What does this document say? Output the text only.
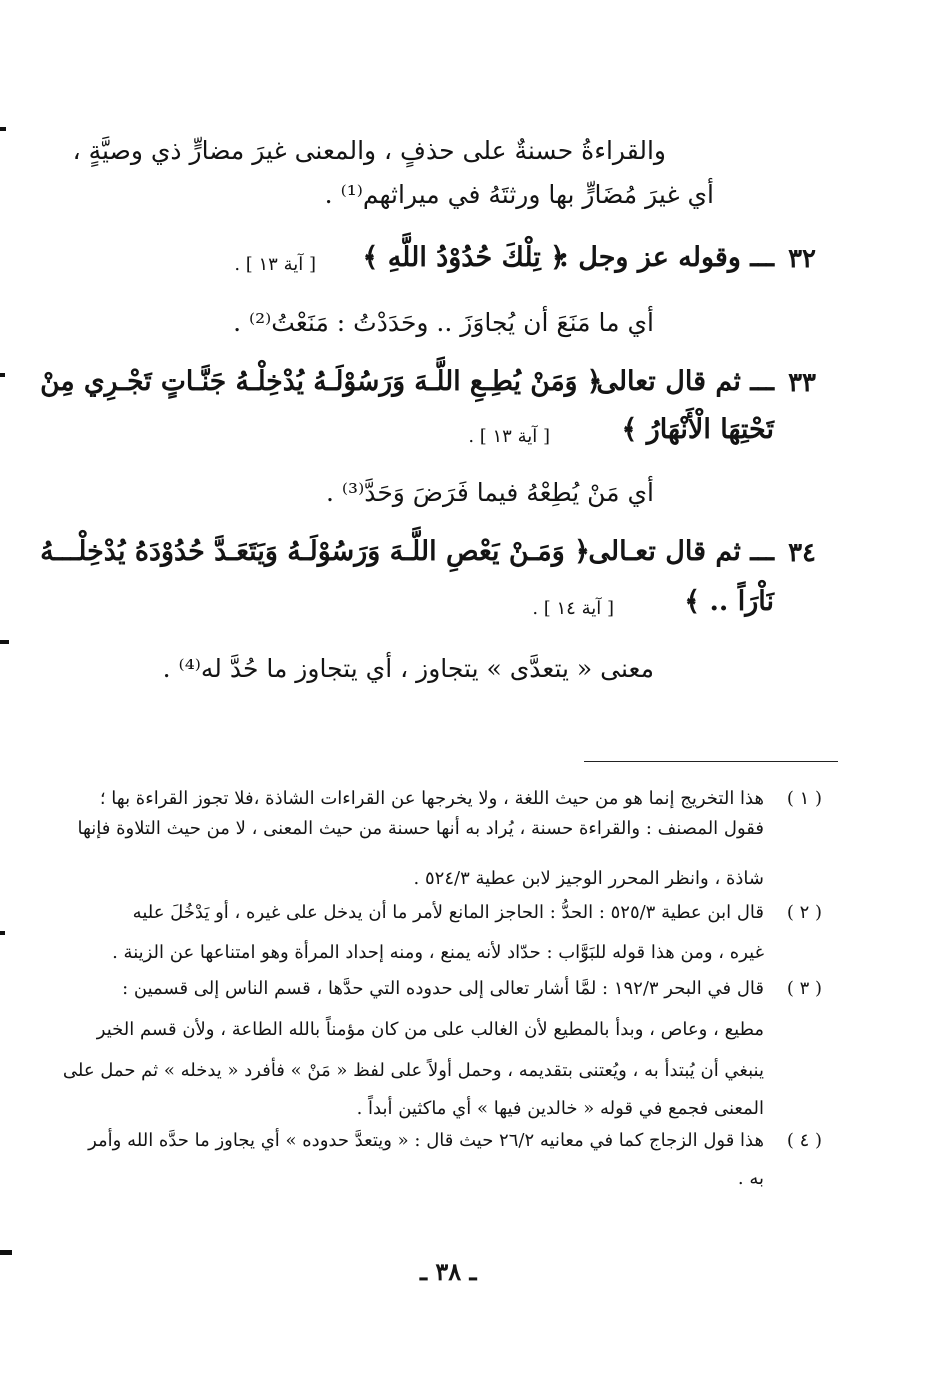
والقراءةُ حسنةٌ على حذفٍ ، والمعنى غيرَ مضارٍّ ذي وصيَّةٍ ،
أي غيرَ مُضَارٍّ بها ورثتَهُ في ميراثهم⁽¹⁾ .
٣٢
ـــ وقوله عز وجل :
﴿ تِلْكَ حُدُوْدُ اللَّهِ ﴾
[ آية ١٣ ] .
أي ما مَنَعَ أن يُجاوَزَ .. وحَدَدْتُ : مَنَعْتُ⁽²⁾ .
٣٣
ـــ ثم قال تعالى
﴿ وَمَنْ يُطِـعِ اللَّـهَ وَرَسُوْلَـهُ يُدْخِلْـهُ جَنَّـاتٍ تَجْـرِي مِنْ
تَحْتِهَا الْأَنْهَارُ ﴾
[ آية ١٣ ] .
أي مَنْ يُطِعْهُ فيما فَرَضَ وَحَدَّ⁽³⁾ .
٣٤
ـــ ثم قال تعـالى
﴿ وَمَـنْ يَعْصِ اللَّـهَ وَرَسُوْلَـهُ وَيَتَعَـدَّ حُدُوْدَهُ يُدْخِلْـــهُ
نَاْرَاً .. ﴾
[ آية ١٤ ] .
معنى « يتعدَّى » يتجاوز ، أي يتجاوز ما حُدَّ له⁽⁴⁾ .
( ١ )
هذا التخريج إنما هو من حيث اللغة ، ولا يخرجها عن القراءات الشاذة ،فلا تجوز القراءة بها ؛
فقول المصنف : والقراءة حسنة ، يُراد به أنها حسنة من حيث المعنى ، لا من حيث التلاوة فإنها
شاذة ، وانظر المحرر الوجيز لابن عطية ٥٢٤/٣ .
( ٢ )
قال ابن عطية ٥٢٥/٣ : الحدُّ : الحاجز المانع لأمر ما أن يدخل على غيره ، أو يَدْخُلَ عليه
غيره ، ومن هذا قوله للبَوَّاب : حدّاد لأنه يمنع ، ومنه إحداد المرأة وهو امتناعها عن الزينة .
( ٣ )
قال في البحر ١٩٢/٣ : لمَّا أشار تعالى إلى حدوده التي حدَّها ، قسم الناس إلى قسمين :
مطيع ، وعاص ، وبدأ بالمطيع لأن الغالب على من كان مؤمناً بالله الطاعة ، ولأن قسم الخير
ينبغي أن يُبتدأ به ، ويُعتنى بتقديمه ، وحمل أولاً على لفظ « مَنْ » فأفرد « يدخله » ثم حمل على
المعنى فجمع في قوله « خالدين فيها » أي ماكثين أبداً .
( ٤ )
هذا قول الزجاج كما في معانيه ٢٦/٢ حيث قال : « ويتعدَّ حدوده » أي يجاوز ما حدَّه الله وأمر
به .
ـ ٣٨ ـ
